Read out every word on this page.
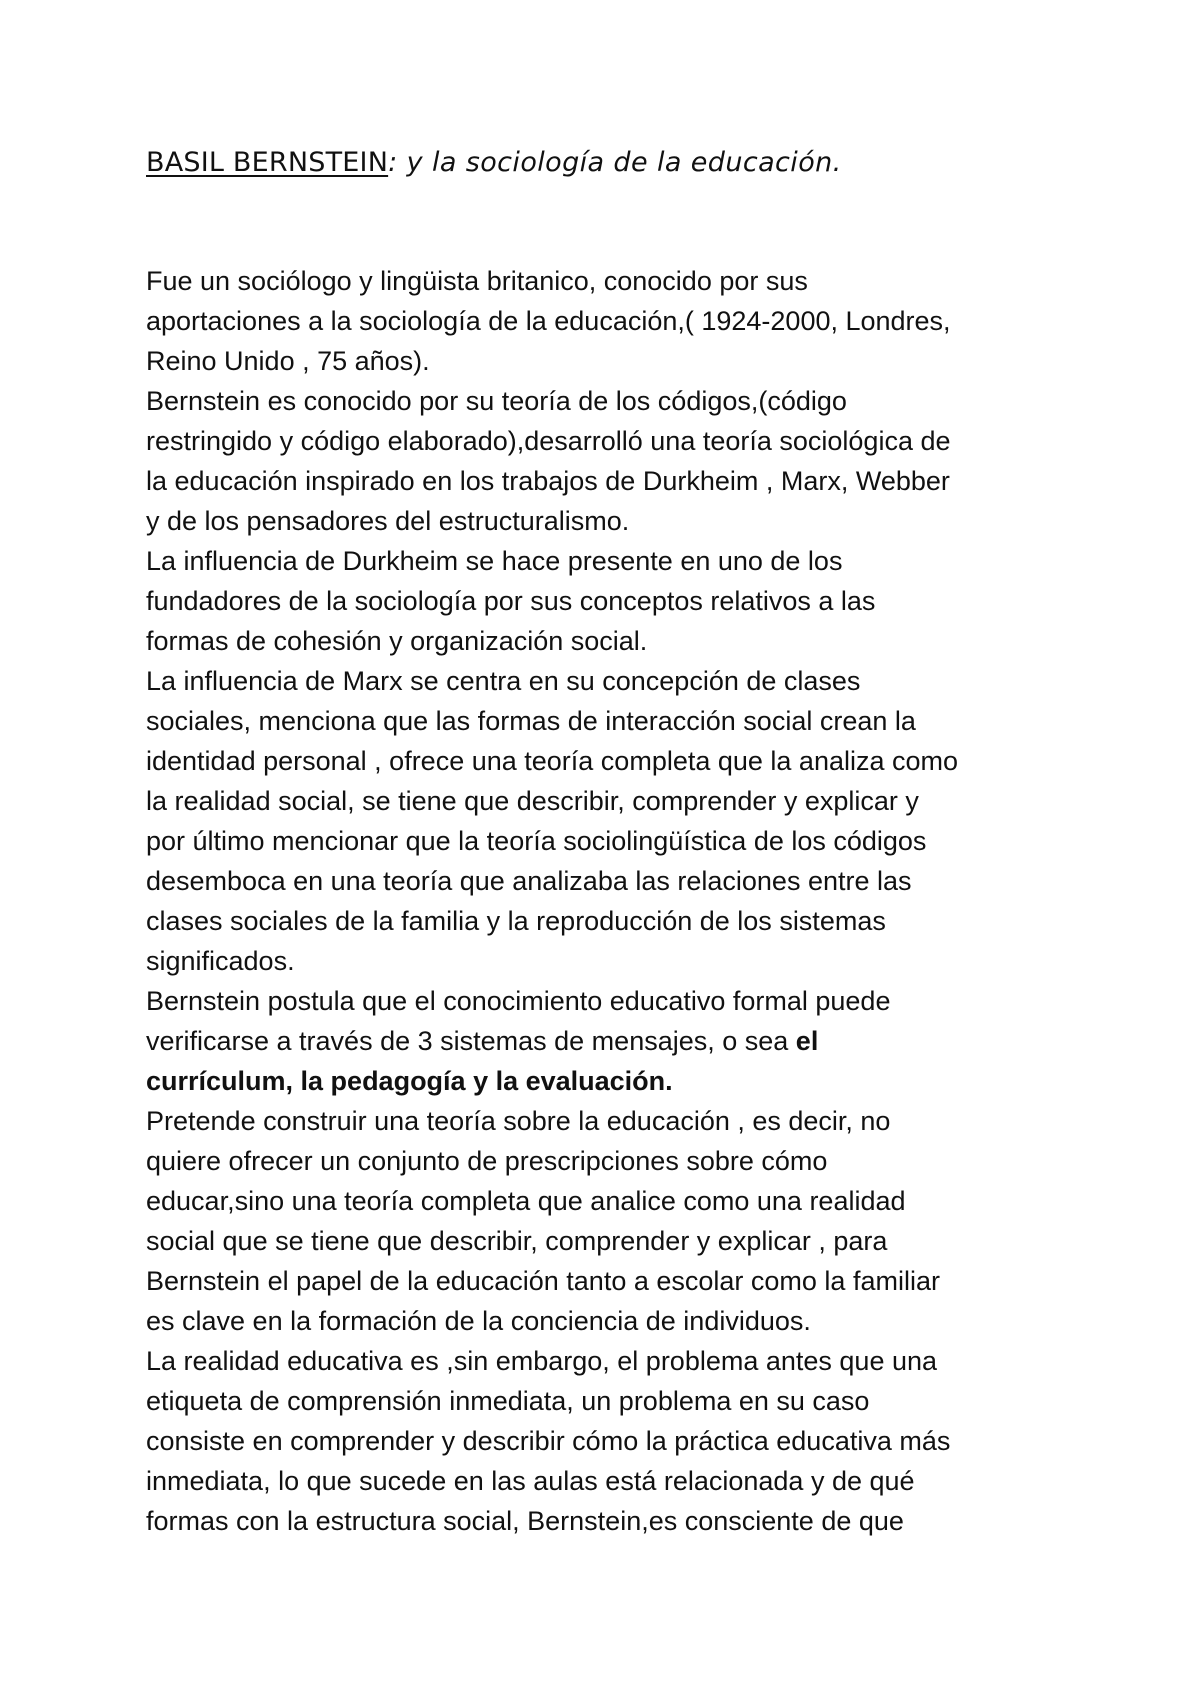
BASIL BERNSTEIN: y la sociología de la educación.
Fue un sociólogo y lingüista britanico, conocido por sus
aportaciones a la sociología de la educación,( 1924-2000, Londres,
Reino Unido , 75 años).
Bernstein es conocido por su teoría de los códigos,(código
restringido y código elaborado),desarrolló una teoría sociológica de
la educación inspirado en los trabajos de Durkheim , Marx, Webber
y de los pensadores del estructuralismo.
La influencia de Durkheim se hace presente en uno de los
fundadores de la sociología por sus conceptos relativos a las
formas de cohesión y organización social.
La influencia de Marx se centra en su concepción de clases
sociales, menciona que las formas de interacción social crean la
identidad personal , ofrece una teoría completa que la analiza como
la realidad social, se tiene que describir, comprender y explicar y
por último mencionar que la teoría sociolingüística de los códigos
desemboca en una teoría que analizaba las relaciones entre las
clases sociales de la familia y la reproducción de los sistemas
significados.
Bernstein postula que el conocimiento educativo formal puede
verificarse a través de 3 sistemas de mensajes, o sea el
currículum, la pedagogía y la evaluación.
Pretende construir una teoría sobre la educación , es decir, no
quiere ofrecer un conjunto de prescripciones sobre cómo
educar,sino una teoría completa que analice como una realidad
social que se tiene que describir, comprender y explicar , para
Bernstein el papel de la educación tanto a escolar como la familiar
es clave en la formación de la conciencia de individuos.
La realidad educativa es ,sin embargo, el problema antes que una
etiqueta de comprensión inmediata, un problema en su caso
consiste en comprender y describir cómo la práctica educativa más
inmediata, lo que sucede en las aulas está relacionada y de qué
formas con la estructura social, Bernstein,es consciente de que
